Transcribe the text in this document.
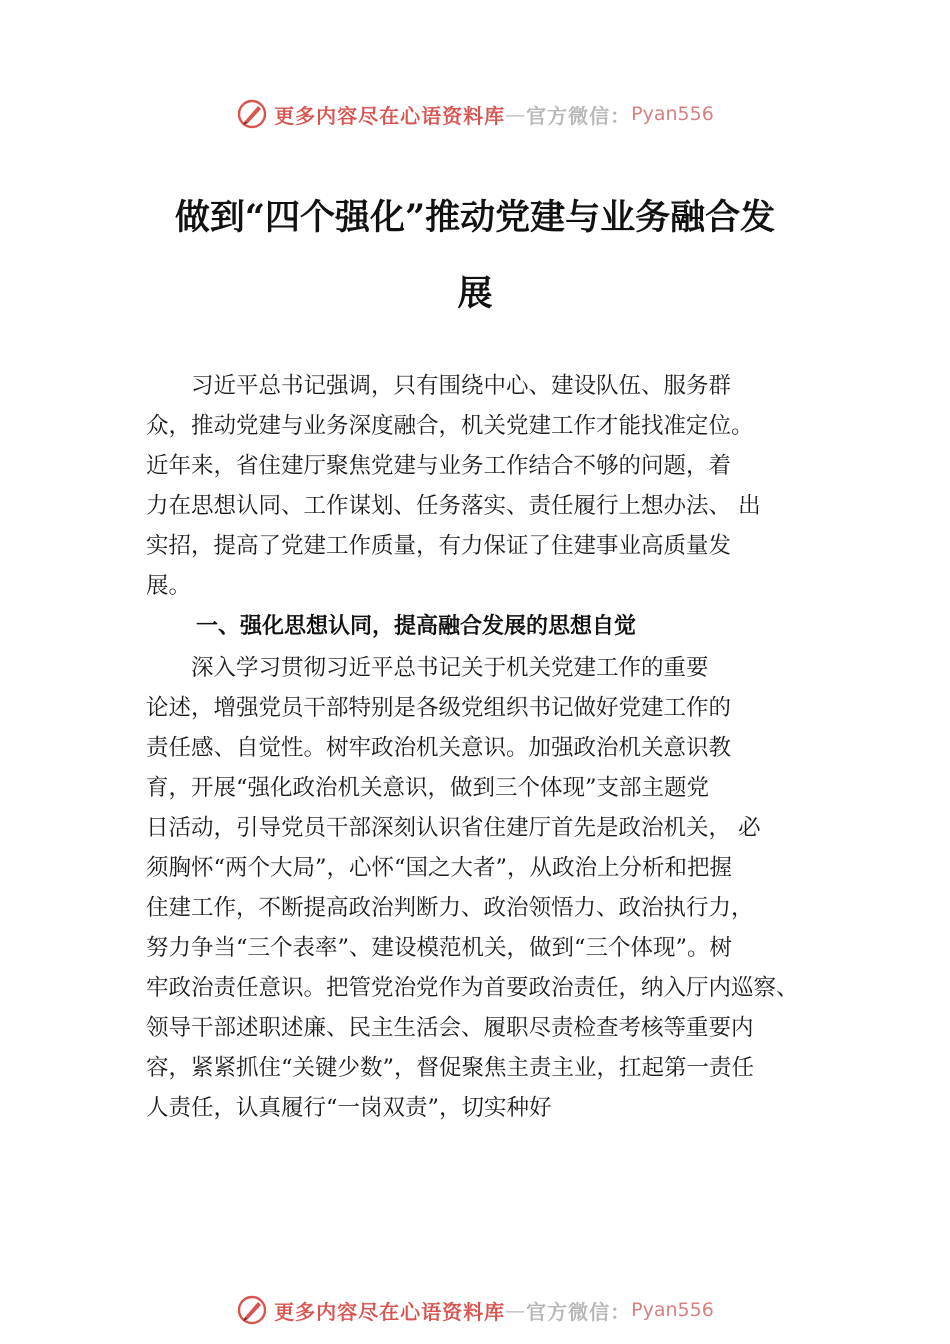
更多内容尽在心语资料库 — 官方微信： Pyan556
做到“四个强化”推动党建与业务融合发
展
　　习近平总书记强调，只有围绕中心、建设队伍、服务群
众，推动党建与业务深度融合，机关党建工作才能找准定位。
近年来，省住建厅聚焦党建与业务工作结合不够的问题，着
力在思想认同、工作谋划、任务落实、责任履行上想办法、 出
实招，提高了党建工作质量，有力保证了住建事业高质量发
展。
一、强化思想认同，提高融合发展的思想自觉
　　深入学习贯彻习近平总书记关于机关党建工作的重要
论述，增强党员干部特别是各级党组织书记做好党建工作的
责任感、自觉性。树牢政治机关意识。加强政治机关意识教
育，开展“强化政治机关意识，做到三个体现”支部主题党
日活动，引导党员干部深刻认识省住建厅首先是政治机关， 必
须胸怀“两个大局”，心怀“国之大者”，从政治上分析和把握
住建工作，不断提高政治判断力、政治领悟力、政治执行力，
努力争当“三个表率”、建设模范机关，做到“三个体现”。树
牢政治责任意识。把管党治党作为首要政治责任，纳入厅内巡察、
领导干部述职述廉、民主生活会、履职尽责检查考核等重要内
容，紧紧抓住“关键少数”，督促聚焦主责主业，扛起第一责任
人责任，认真履行“一岗双责”，切实种好
更多内容尽在心语资料库 — 官方微信： Pyan556
